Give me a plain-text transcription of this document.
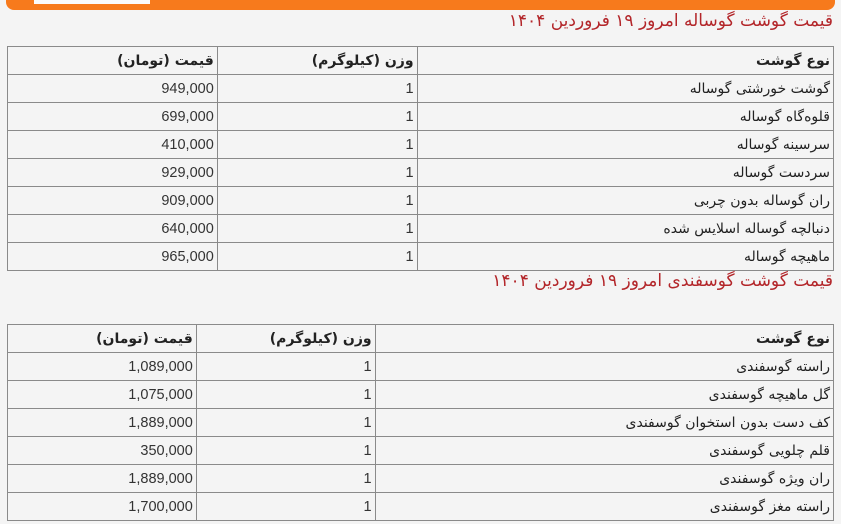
قیمت گوشت گوساله امروز ۱۹ فروردین ۱۴۰۴
نوع گوشت	وزن (کیلوگرم)	قیمت (تومان)
گوشت خورشتی گوساله	1	949,000
قلوه‌گاه گوساله	1	699,000
سرسینه گوساله	1	410,000
سردست گوساله	1	929,000
ران گوساله بدون چربی	1	909,000
دنبالچه گوساله اسلایس شده	1	640,000
ماهیچه گوساله	1	965,000
قیمت گوشت گوسفندی امروز ۱۹ فروردین ۱۴۰۴
نوع گوشت	وزن (کیلوگرم)	قیمت (تومان)
راسته گوسفندی	1	1,089,000
گل ماهیچه گوسفندی	1	1,075,000
کف دست بدون استخوان گوسفندی	1	1,889,000
قلم چلویی گوسفندی	1	350,000
ران ویژه گوسفندی	1	1,889,000
راسته مغز گوسفندی	1	1,700,000
